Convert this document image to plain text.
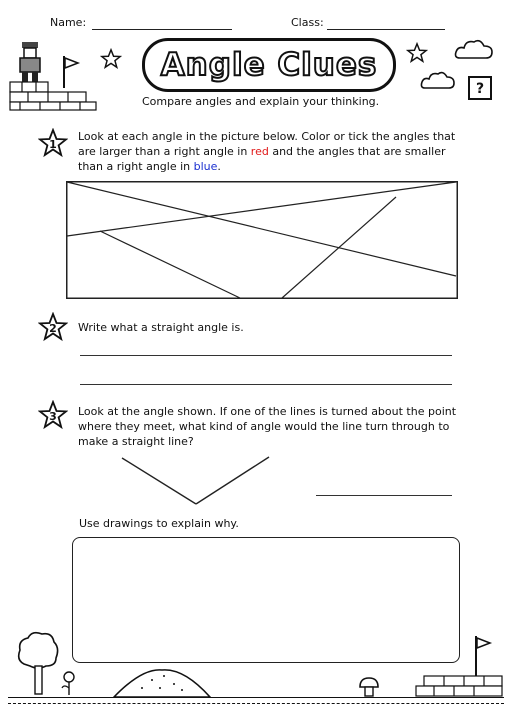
Name:	Class:
Angle Clues
?
Compare angles and explain your thinking.
1
Look at each angle in the picture below. Color or tick the angles that are larger than a right angle in red and the angles that are smaller than a right angle in blue.
2 Write what a straight angle is.
3 Look at the angle shown. If one of the lines is turned about the point where they meet, what kind of angle would the line turn through to make a straight line?
Use drawings to explain why.
